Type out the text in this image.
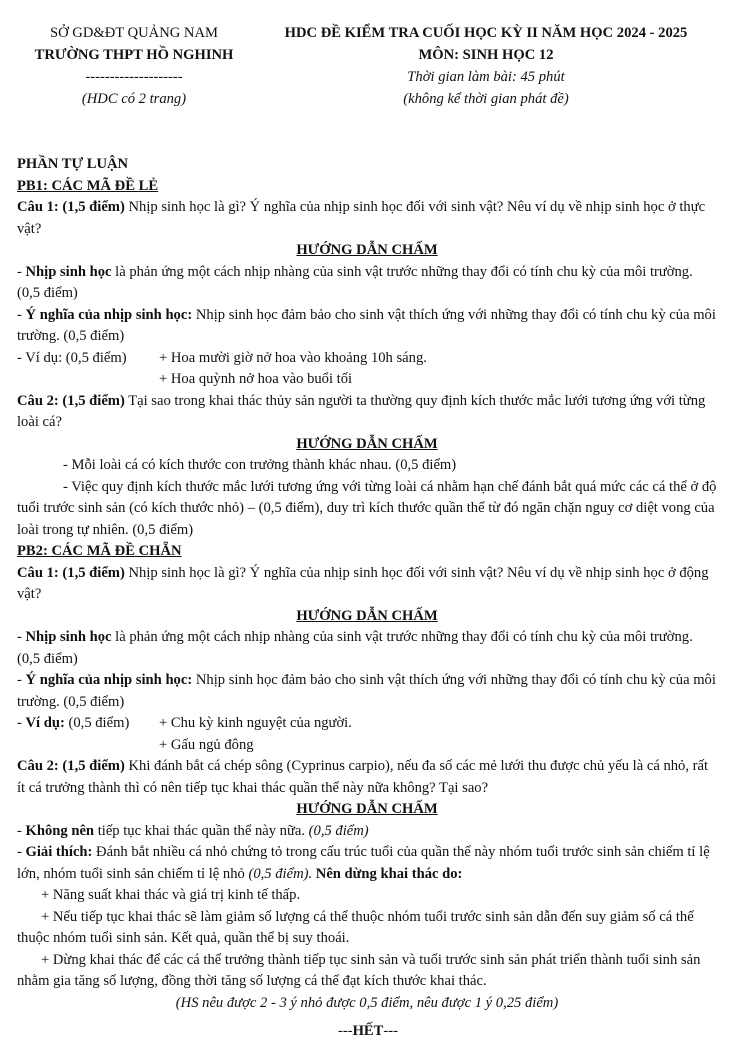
SỞ GD&ĐT QUẢNG NAM
TRƯỜNG THPT HỒ NGHINH
--------------------
(HDC có 2 trang)
HDC ĐỀ KIỂM TRA CUỐI HỌC KỲ II NĂM HỌC 2024 - 2025
MÔN: SINH HỌC 12
Thời gian làm bài: 45 phút
(không kể thời gian phát đề)

PHẦN TỰ LUẬN

PB1: CÁC MÃ ĐỀ LẺ

Câu 1: (1,5 điểm) Nhịp sinh học là gì? Ý nghĩa của nhịp sinh học đối với sinh vật? Nêu ví dụ về nhịp sinh học ở thực vật?

HƯỚNG DẪN CHẤM

- Nhịp sinh học là phản ứng một cách nhịp nhàng của sinh vật trước những thay đổi có tính chu kỳ của môi trường. (0,5 điểm)

- Ý nghĩa của nhịp sinh học: Nhịp sinh học đảm bảo cho sinh vật thích ứng với những thay đổi có tính chu kỳ của môi trường. (0,5 điểm)

- Ví dụ: (0,5 điểm)	+ Hoa mười giờ nở hoa vào khoảng 10h sáng.

+ Hoa quỳnh nở hoa vào buổi tối

Câu 2: (1,5 điểm) Tại sao trong khai thác thủy sản người ta thường quy định kích thước mắc lưới tương ứng với từng loài cá?

HƯỚNG DẪN CHẤM

- Mỗi loài cá có kích thước con trưởng thành khác nhau. (0,5 điểm)

- Việc quy định kích thước mắc lưới tương ứng với từng loài cá nhằm hạn chế đánh bắt quá mức các cá thể ở độ tuổi trước sinh sản (có kích thước nhỏ) – (0,5 điểm), duy trì kích thước quần thể từ đó ngăn chặn nguy cơ diệt vong của loài trong tự nhiên. (0,5 điểm)

PB2: CÁC MÃ ĐỀ CHẴN

Câu 1: (1,5 điểm) Nhịp sinh học là gì? Ý nghĩa của nhịp sinh học đối với sinh vật? Nêu ví dụ về nhịp sinh học ở động vật?

HƯỚNG DẪN CHẤM

- Nhịp sinh học là phản ứng một cách nhịp nhàng của sinh vật trước những thay đổi có tính chu kỳ của môi trường. (0,5 điểm)

- Ý nghĩa của nhịp sinh học: Nhịp sinh học đảm bảo cho sinh vật thích ứng với những thay đổi có tính chu kỳ của môi trường. (0,5 điểm)

- Ví dụ: (0,5 điểm)	+ Chu kỳ kinh nguyệt của người.

+ Gấu ngủ đông

Câu 2: (1,5 điểm) Khi đánh bắt cá chép sông (Cyprinus carpio), nếu đa số các mẻ lưới thu được chủ yếu là cá nhỏ, rất ít cá trưởng thành thì có nên tiếp tục khai thác quần thể này nữa không? Tại sao?

HƯỚNG DẪN CHẤM

- Không nên tiếp tục khai thác quần thể này nữa. (0,5 điểm)

- Giải thích: Đánh bắt nhiều cá nhỏ chứng tỏ trong cấu trúc tuổi của quần thể này nhóm tuổi trước sinh sản chiếm tỉ lệ lớn, nhóm tuổi sinh sản chiếm tỉ lệ nhỏ (0,5 điểm). Nên dừng khai thác do:

+ Năng suất khai thác và giá trị kinh tế thấp.

+ Nếu tiếp tục khai thác sẽ làm giảm số lượng cá thể thuộc nhóm tuổi trước sinh sản dẫn đến suy giảm số cá thể thuộc nhóm tuổi sinh sản. Kết quả, quần thể bị suy thoái.

+ Dừng khai thác để các cá thể trưởng thành tiếp tục sinh sản và tuổi trước sinh sản phát triển thành tuổi sinh sản nhằm gia tăng số lượng, đồng thời tăng số lượng cá thể đạt kích thước khai thác.

(HS nêu được 2 - 3 ý nhỏ được 0,5 điểm, nêu được 1 ý 0,25 điểm)

---HẾT---
